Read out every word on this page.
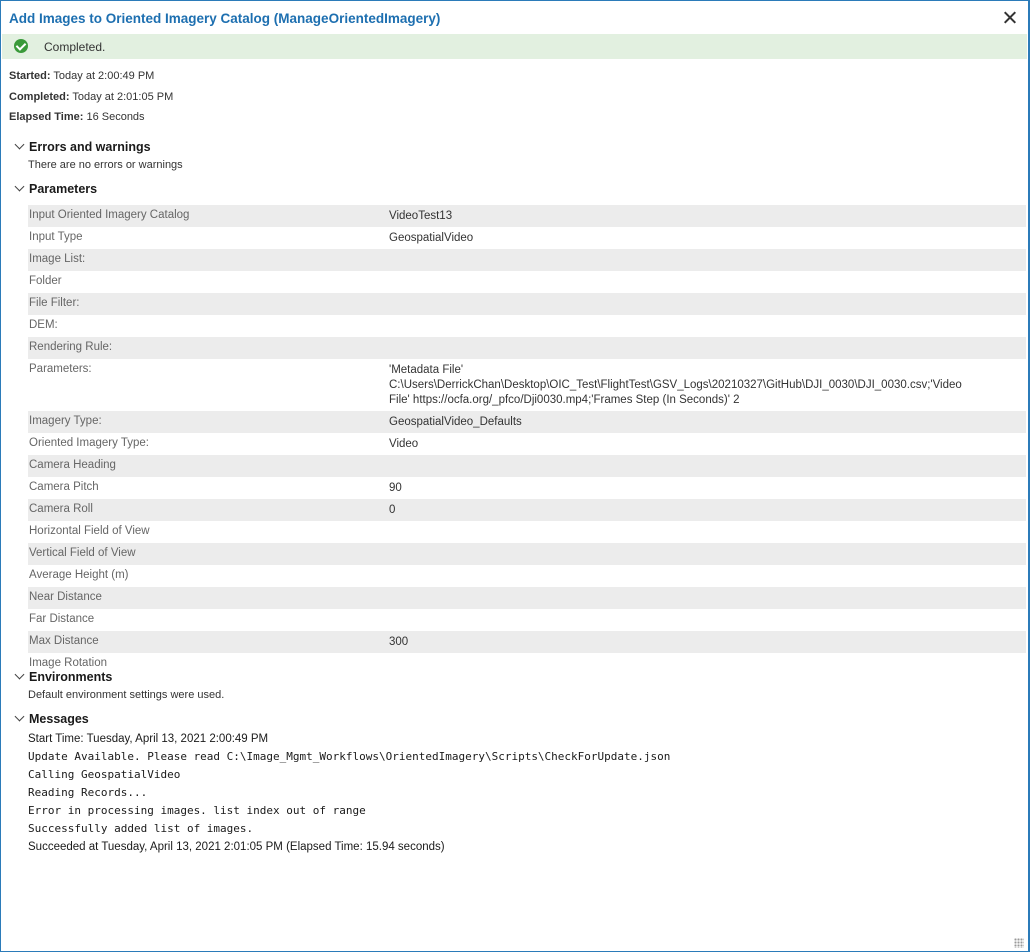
Add Images to Oriented Imagery Catalog (ManageOrientedImagery)
Completed.
Started: Today at 2:00:49 PM
Completed: Today at 2:01:05 PM
Elapsed Time: 16 Seconds
Errors and warnings
There are no errors or warnings
Parameters
Input Oriented Imagery Catalog	VideoTest13
Input Type	GeospatialVideo
Image List:
Folder
File Filter:
DEM:
Rendering Rule:
Parameters:	'Metadata File' C:\Users\DerrickChan\Desktop\OIC_Test\FlightTest\GSV_Logs\20210327\GitHub\DJI_0030\DJI_0030.csv;'Video File' https://ocfa.org/_pfco/Dji0030.mp4;'Frames Step (In Seconds)' 2
Imagery Type:	GeospatialVideo_Defaults
Oriented Imagery Type:	Video
Camera Heading
Camera Pitch	90
Camera Roll	0
Horizontal Field of View
Vertical Field of View
Average Height (m)
Near Distance
Far Distance
Max Distance	300
Image Rotation
Environments
Default environment settings were used.
Messages
Start Time: Tuesday, April 13, 2021 2:00:49 PM
Update Available. Please read C:\Image_Mgmt_Workflows\OrientedImagery\Scripts\CheckForUpdate.json
Calling GeospatialVideo
Reading Records...
Error in processing images. list index out of range
Successfully added list of images.
Succeeded at Tuesday, April 13, 2021 2:01:05 PM (Elapsed Time: 15.94 seconds)
